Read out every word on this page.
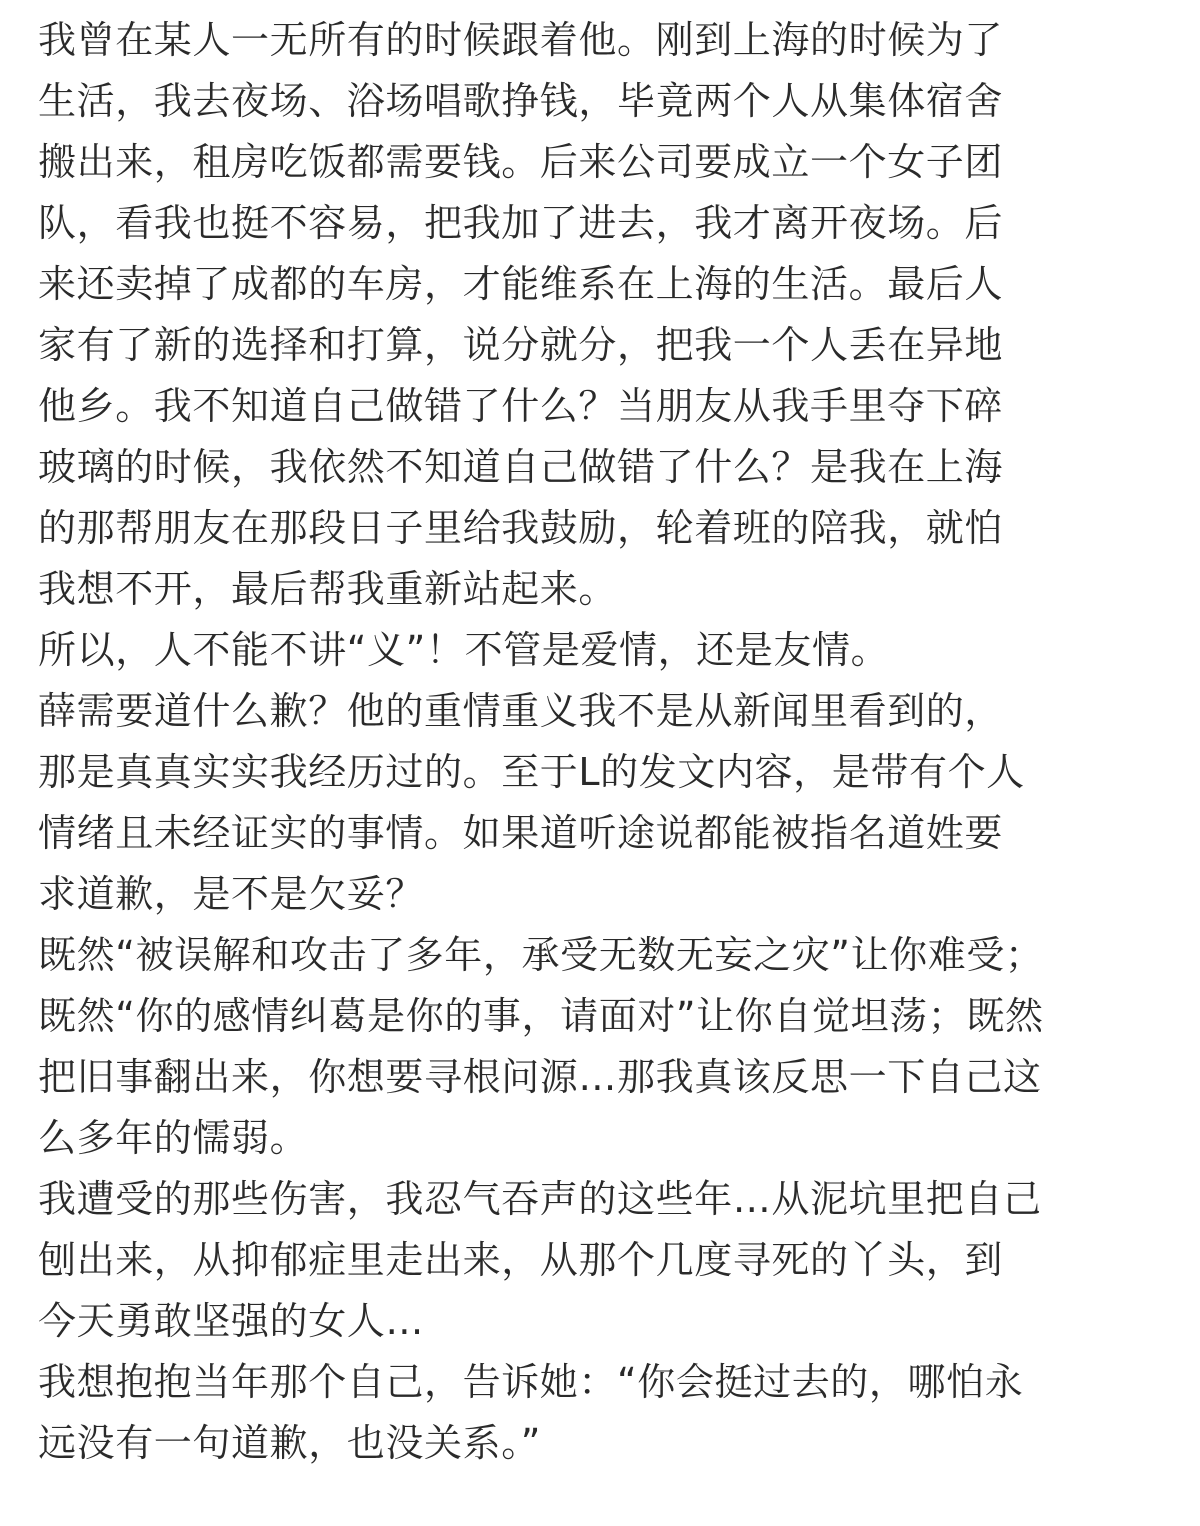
我曾在某人一无所有的时候跟着他。刚到上海的时候为了
生活，我去夜场、浴场唱歌挣钱，毕竟两个人从集体宿舍
搬出来，租房吃饭都需要钱。后来公司要成立一个女子团
队，看我也挺不容易，把我加了进去，我才离开夜场。后
来还卖掉了成都的车房，才能维系在上海的生活。最后人
家有了新的选择和打算，说分就分，把我一个人丢在异地
他乡。我不知道自己做错了什么？当朋友从我手里夺下碎
玻璃的时候，我依然不知道自己做错了什么？是我在上海
的那帮朋友在那段日子里给我鼓励，轮着班的陪我，就怕
我想不开，最后帮我重新站起来。
所以，人不能不讲“义”！不管是爱情，还是友情。
薛需要道什么歉？他的重情重义我不是从新闻里看到的，
那是真真实实我经历过的。至于L的发文内容，是带有个人
情绪且未经证实的事情。如果道听途说都能被指名道姓要
求道歉，是不是欠妥？
既然“被误解和攻击了多年，承受无数无妄之灾”让你难受；
既然“你的感情纠葛是你的事，请面对”让你自觉坦荡；既然
把旧事翻出来，你想要寻根问源…那我真该反思一下自己这
么多年的懦弱。
我遭受的那些伤害，我忍气吞声的这些年…从泥坑里把自己
刨出来，从抑郁症里走出来，从那个几度寻死的丫头，到
今天勇敢坚强的女人…
我想抱抱当年那个自己，告诉她：“你会挺过去的，哪怕永
远没有一句道歉，也没关系。”
